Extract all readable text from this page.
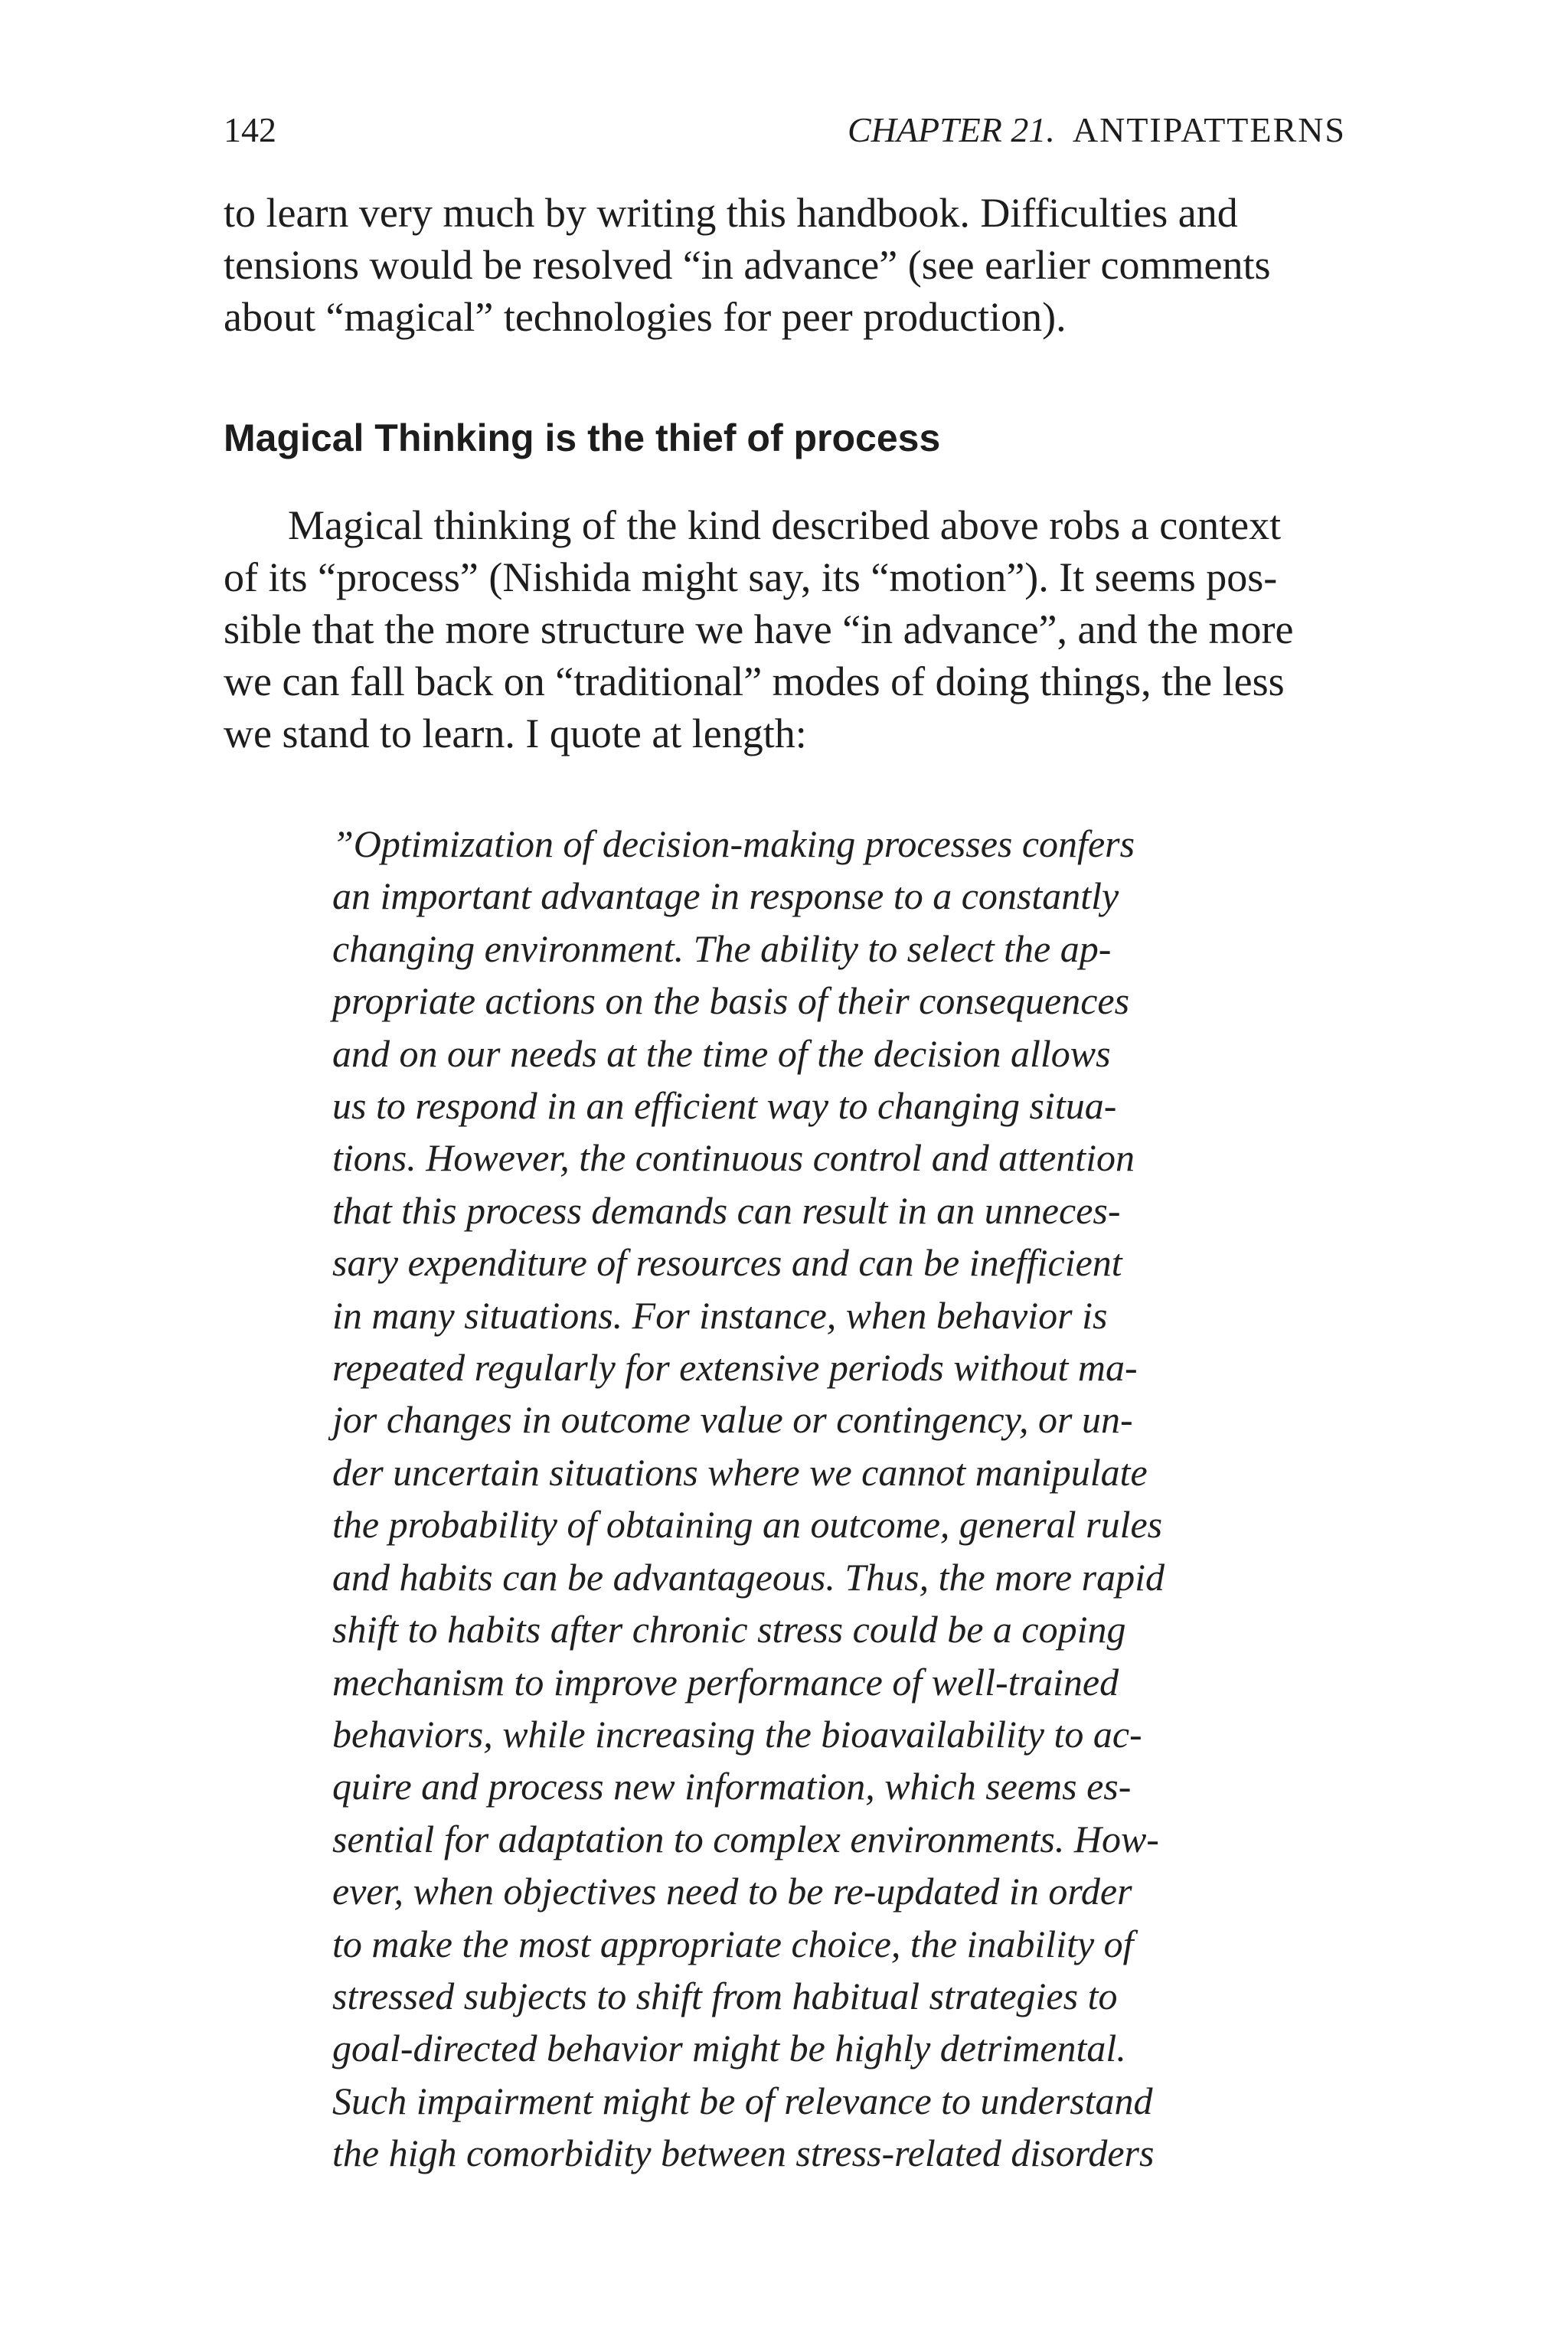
142	CHAPTER 21. ANTIPATTERNS
to learn very much by writing this handbook. Difficulties and
tensions would be resolved “in advance” (see earlier comments
about “magical” technologies for peer production).
Magical Thinking is the thief of process
Magical thinking of the kind described above robs a context
of its “process” (Nishida might say, its “motion”). It seems pos-
sible that the more structure we have “in advance”, and the more
we can fall back on “traditional” modes of doing things, the less
we stand to learn. I quote at length:
”Optimization of decision-making processes confers
an important advantage in response to a constantly
changing environment. The ability to select the ap-
propriate actions on the basis of their consequences
and on our needs at the time of the decision allows
us to respond in an efficient way to changing situa-
tions. However, the continuous control and attention
that this process demands can result in an unneces-
sary expenditure of resources and can be inefficient
in many situations. For instance, when behavior is
repeated regularly for extensive periods without ma-
jor changes in outcome value or contingency, or un-
der uncertain situations where we cannot manipulate
the probability of obtaining an outcome, general rules
and habits can be advantageous. Thus, the more rapid
shift to habits after chronic stress could be a coping
mechanism to improve performance of well-trained
behaviors, while increasing the bioavailability to ac-
quire and process new information, which seems es-
sential for adaptation to complex environments. How-
ever, when objectives need to be re-updated in order
to make the most appropriate choice, the inability of
stressed subjects to shift from habitual strategies to
goal-directed behavior might be highly detrimental.
Such impairment might be of relevance to understand
the high comorbidity between stress-related disorders
